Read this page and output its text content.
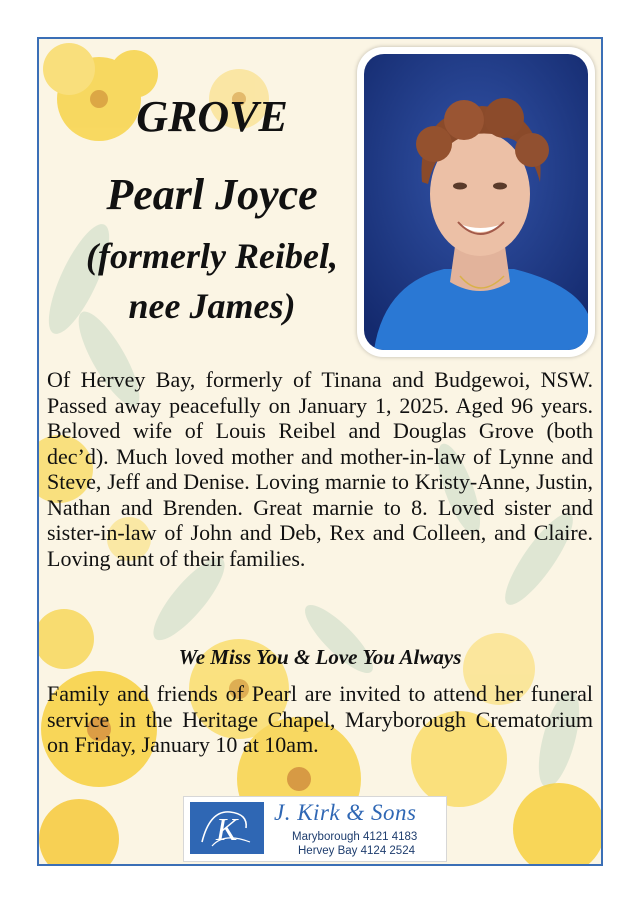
GROVE
Pearl Joyce
(formerly Reibel,
nee James)
Of Hervey Bay, formerly of Tinana and Budgewoi, NSW. Passed away peacefully on January 1, 2025. Aged 96 years. Beloved wife of Louis Reibel and Douglas Grove (both dec’d). Much loved mother and mother-in-law of Lynne and Steve, Jeff and Denise. Loving marnie to Kristy-Anne, Justin, Nathan and Brenden. Great marnie to 8. Loved sister and sister-in-law of John and Deb, Rex and Colleen, and Claire. Loving aunt of their families.
We Miss You & Love You Always
Family and friends of Pearl are invited to attend her funeral service in the Heritage Chapel, Maryborough Crematorium on Friday, January 10 at 10am.
K J. Kirk & Sons
Maryborough 4121 4183
Hervey Bay 4124 2524
